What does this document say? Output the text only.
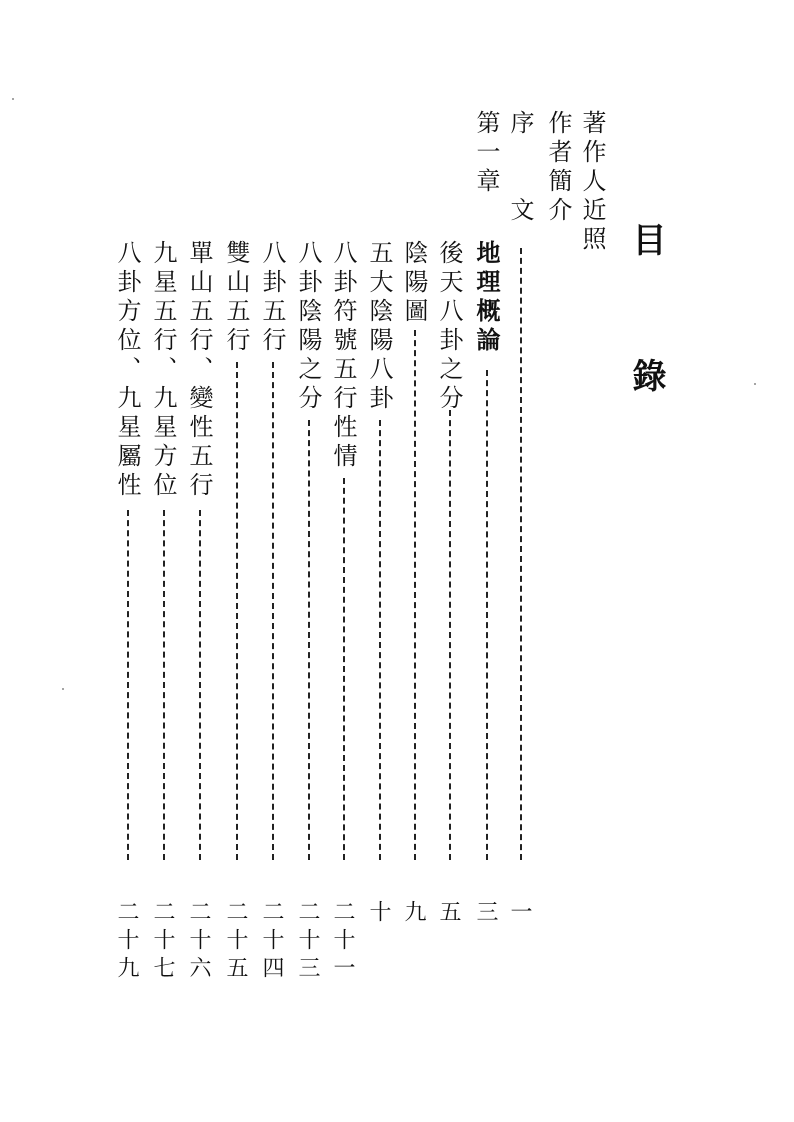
目
錄
著作人近照
作者簡介
序　　文
一
第一章
地理概論
三
後天八卦之分
五
陰陽圖
九
五大陰陽八卦
十
八卦符號五行性情
二十一
八卦陰陽之分
二十三
八卦五行
二十四
雙山五行
二十五
單山五行、變性五行
二十六
九星五行、九星方位
二十七
八卦方位、九星屬性
二十九
